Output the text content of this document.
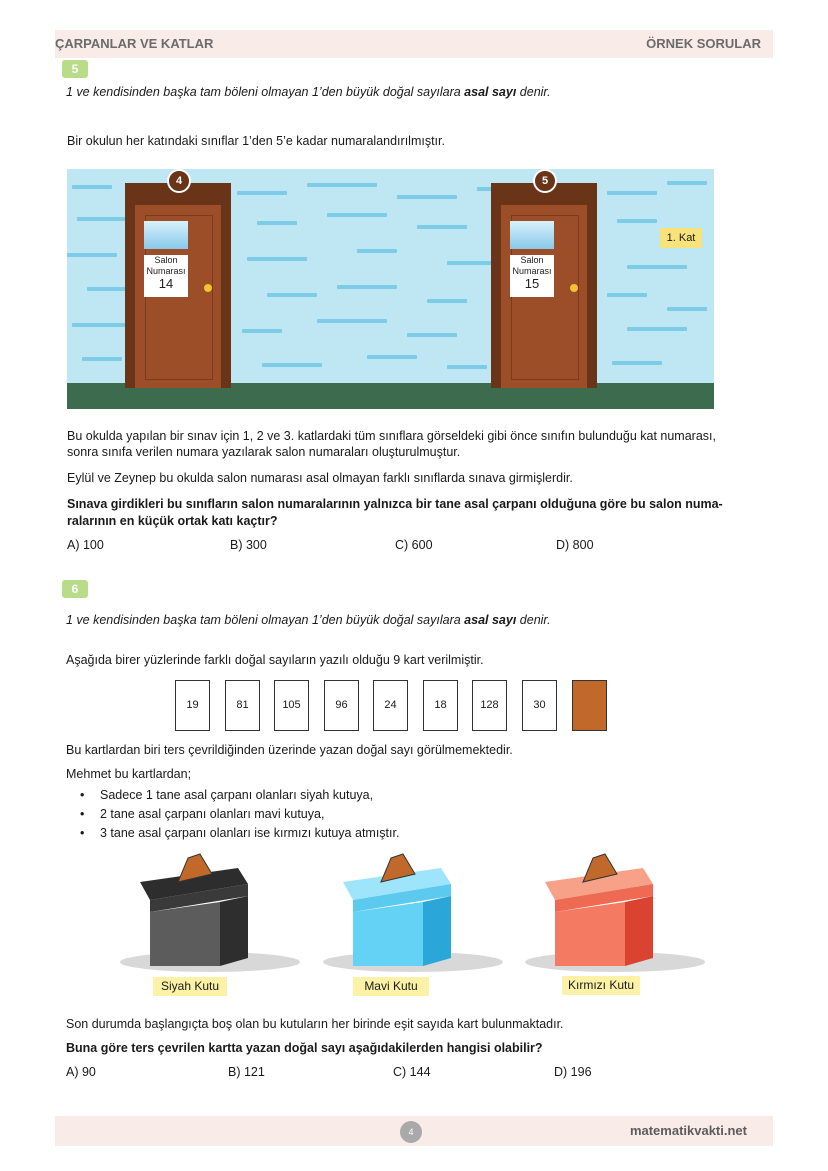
ÇARPANLAR VE KATLAR	ÖRNEK SORULAR
5
1 ve kendisinden başka tam böleni olmayan 1’den büyük doğal sayılara asal sayı denir.
Bir okulun her katındaki sınıflar 1’den 5’e kadar numaralandırılmıştır.
4
Salon
Numarası
14
5
Salon
Numarası
15
1. Kat
Bu okulda yapılan bir sınav için 1, 2 ve 3. katlardaki tüm sınıflara görseldeki gibi önce sınıfın bulunduğu kat numarası, sonra sınıfa verilen numara yazılarak salon numaraları oluşturulmuştur.
Eylül ve Zeynep bu okulda salon numarası asal olmayan farklı sınıflarda sınava girmişlerdir.
Sınava girdikleri bu sınıfların salon numaralarının yalnızca bir tane asal çarpanı olduğuna göre bu salon numa-
ralarının en küçük ortak katı kaçtır?
A) 100	B) 300	C) 600	D) 800
6
1 ve kendisinden başka tam böleni olmayan 1’den büyük doğal sayılara asal sayı denir.
Aşağıda birer yüzlerinde farklı doğal sayıların yazılı olduğu 9 kart verilmiştir.
19	81	105	96	24	18	128	30
Bu kartlardan biri ters çevrildiğinden üzerinde yazan doğal sayı görülmemektedir.
Mehmet bu kartlardan;
• Sadece 1 tane asal çarpanı olanları siyah kutuya,
• 2 tane asal çarpanı olanları mavi kutuya,
• 3 tane asal çarpanı olanları ise kırmızı kutuya atmıştır.
Siyah Kutu	Mavi Kutu	Kırmızı Kutu
Son durumda başlangıçta boş olan bu kutuların her birinde eşit sayıda kart bulunmaktadır.
Buna göre ters çevrilen kartta yazan doğal sayı aşağıdakilerden hangisi olabilir?
A) 90	B) 121	C) 144	D) 196
4	matematikvakti.net
